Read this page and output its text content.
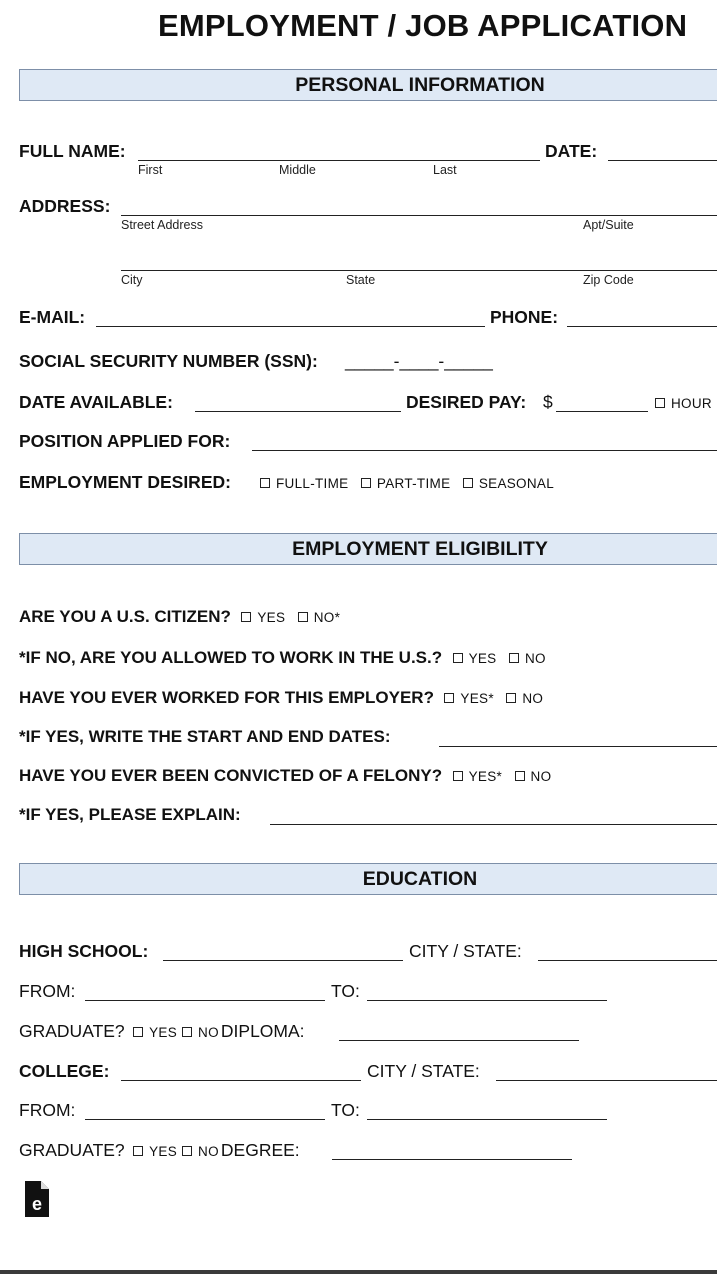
EMPLOYMENT / JOB APPLICATION
PERSONAL INFORMATION
FULL NAME:
First	Middle	Last
DATE:
ADDRESS:
Street Address	Apt/Suite
City	State	Zip Code
E-MAIL:	PHONE:
SOCIAL SECURITY NUMBER (SSN): _____-____-_____
DATE AVAILABLE:	DESIRED PAY: $	HOUR
POSITION APPLIED FOR:
EMPLOYMENT DESIRED:	FULL-TIME PART-TIME SEASONAL
EMPLOYMENT ELIGIBILITY
ARE YOU A U.S. CITIZEN? YES NO*
*IF NO, ARE YOU ALLOWED TO WORK IN THE U.S.? YES NO
HAVE YOU EVER WORKED FOR THIS EMPLOYER? YES* NO
*IF YES, WRITE THE START AND END DATES:
HAVE YOU EVER BEEN CONVICTED OF A FELONY? YES* NO
*IF YES, PLEASE EXPLAIN:
EDUCATION
HIGH SCHOOL:	CITY / STATE:
FROM:	TO:
GRADUATE? YES NO DIPLOMA:
COLLEGE:	CITY / STATE:
FROM:	TO:
GRADUATE? YES NO DEGREE:
e
